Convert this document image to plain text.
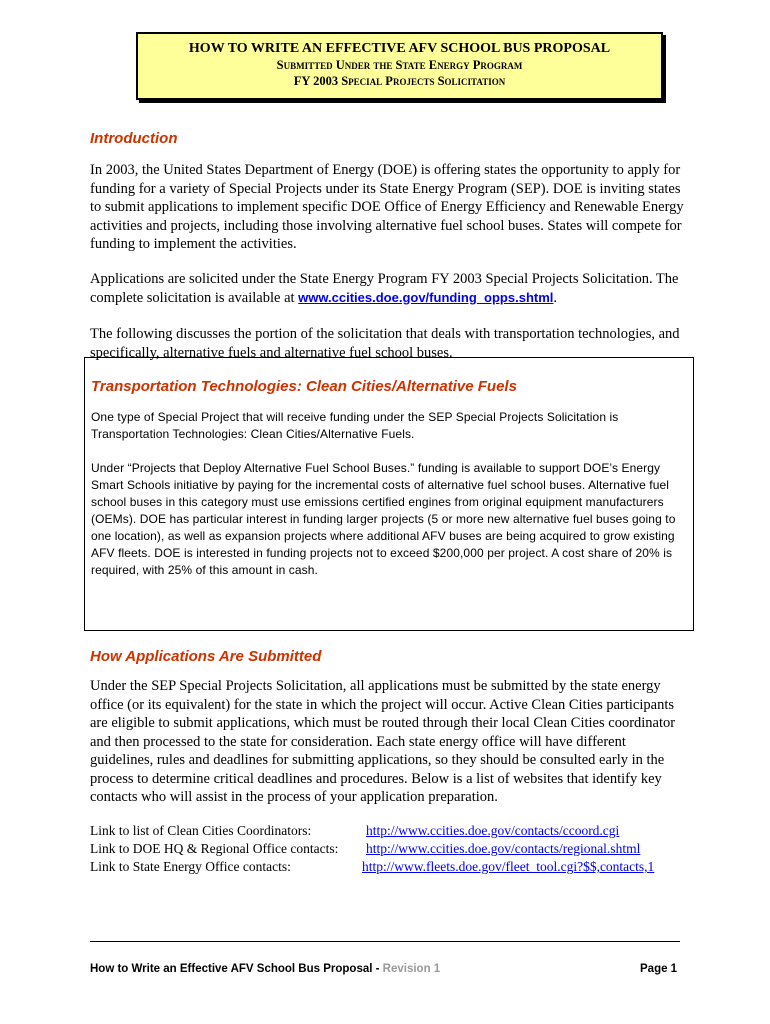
HOW TO WRITE AN EFFECTIVE AFV SCHOOL BUS PROPOSAL
Submitted Under the State Energy Program
FY 2003 Special Projects Solicitation
Introduction
In 2003, the United States Department of Energy (DOE) is offering states the opportunity to apply for funding for a variety of Special Projects under its State Energy Program (SEP). DOE is inviting states to submit applications to implement specific DOE Office of Energy Efficiency and Renewable Energy activities and projects, including those involving alternative fuel school buses. States will compete for funding to implement the activities.
Applications are solicited under the State Energy Program FY 2003 Special Projects Solicitation. The complete solicitation is available at www.ccities.doe.gov/funding_opps.shtml.
The following discusses the portion of the solicitation that deals with transportation technologies, and specifically, alternative fuels and alternative fuel school buses.
Transportation Technologies: Clean Cities/Alternative Fuels
One type of Special Project that will receive funding under the SEP Special Projects Solicitation is Transportation Technologies: Clean Cities/Alternative Fuels.
Under “Projects that Deploy Alternative Fuel School Buses.” funding is available to support DOE’s Energy Smart Schools initiative by paying for the incremental costs of alternative fuel school buses. Alternative fuel school buses in this category must use emissions certified engines from original equipment manufacturers (OEMs). DOE has particular interest in funding larger projects (5 or more new alternative fuel buses going to one location), as well as expansion projects where additional AFV buses are being acquired to grow existing AFV fleets. DOE is interested in funding projects not to exceed $200,000 per project. A cost share of 20% is required, with 25% of this amount in cash.
How Applications Are Submitted
Under the SEP Special Projects Solicitation, all applications must be submitted by the state energy office (or its equivalent) for the state in which the project will occur. Active Clean Cities participants are eligible to submit applications, which must be routed through their local Clean Cities coordinator and then processed to the state for consideration. Each state energy office will have different guidelines, rules and deadlines for submitting applications, so they should be consulted early in the process to determine critical deadlines and procedures. Below is a list of websites that identify key contacts who will assist in the process of your application preparation.
Link to list of Clean Cities Coordinators:	http://www.ccities.doe.gov/contacts/ccoord.cgi
Link to DOE HQ & Regional Office contacts: http://www.ccities.doe.gov/contacts/regional.shtml
Link to State Energy Office contacts:	http://www.fleets.doe.gov/fleet_tool.cgi?$$,contacts,1
How to Write an Effective AFV School Bus Proposal - Revision 1	Page 1
